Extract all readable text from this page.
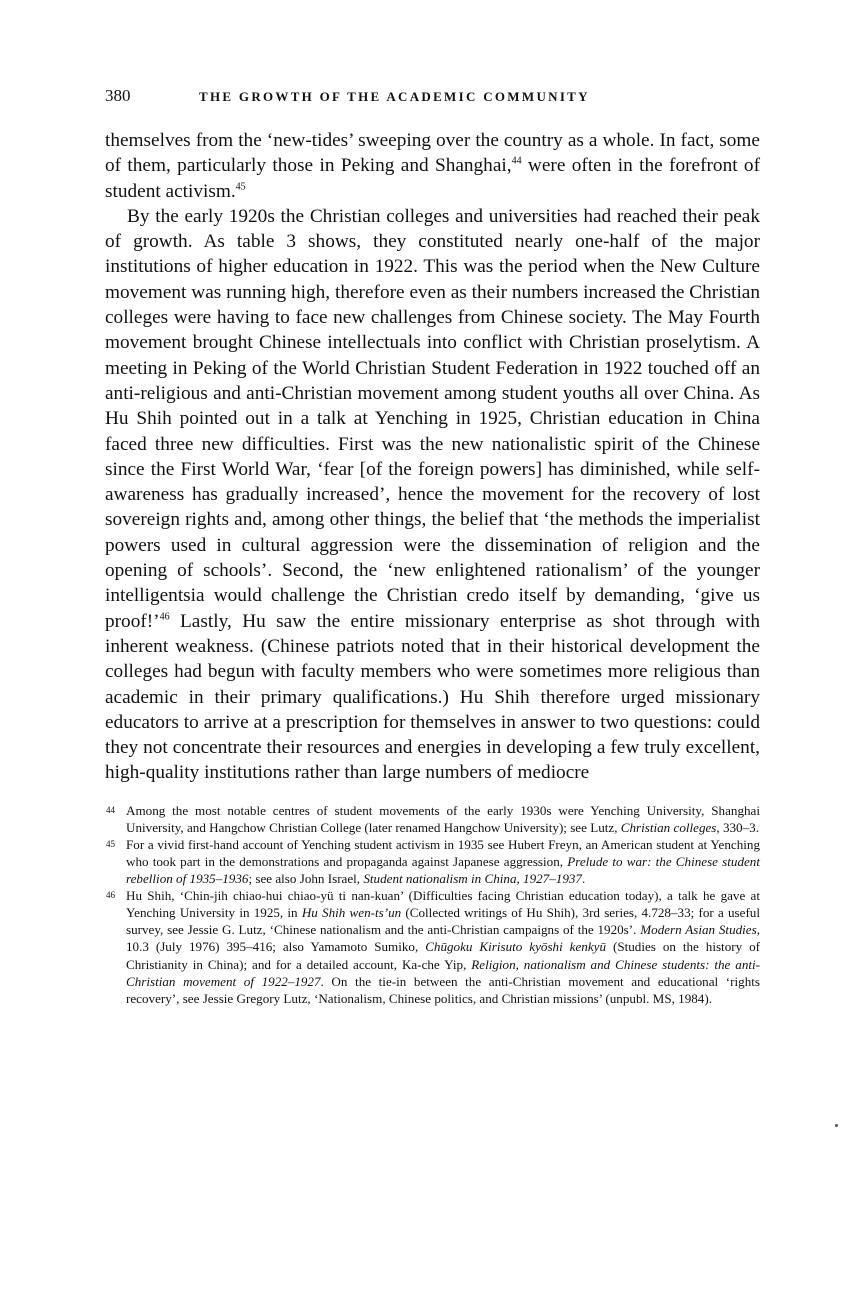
380	THE GROWTH OF THE ACADEMIC COMMUNITY

themselves from the ‘new-tides’ sweeping over the country as a whole. In fact, some of them, particularly those in Peking and Shanghai,$^{44}$ were often in the forefront of student activism.$^{45}$

By the early 1920s the Christian colleges and universities had reached their peak of growth. As table 3 shows, they constituted nearly one-half of the major institutions of higher education in 1922. This was the period when the New Culture movement was running high, therefore even as their numbers increased the Christian colleges were having to face new challenges from Chinese society. The May Fourth movement brought Chinese intellectuals into conflict with Christian proselytism. A meeting in Peking of the World Christian Student Federation in 1922 touched off an anti-religious and anti-Christian movement among student youths all over China. As Hu Shih pointed out in a talk at Yenching in 1925, Christian education in China faced three new difficulties. First was the new nationalistic spirit of the Chinese since the First World War, ‘fear [of the foreign powers] has diminished, while self-awareness has gradually increased’, hence the movement for the recovery of lost sovereign rights and, among other things, the belief that ‘the methods the imperialist powers used in cultural aggression were the dissemination of religion and the opening of schools’. Second, the ‘new enlightened rationalism’ of the younger intelligentsia would challenge the Christian credo itself by demanding, ‘give us proof!’$^{46}$ Lastly, Hu saw the entire missionary enterprise as shot through with inherent weakness. (Chinese patriots noted that in their historical development the colleges had begun with faculty members who were sometimes more religious than academic in their primary qualifications.) Hu Shih therefore urged missionary educators to arrive at a prescription for themselves in answer to two questions: could they not concentrate their resources and energies in developing a few truly excellent, high-quality institutions rather than large numbers of mediocre

44 Among the most notable centres of student movements of the early 1930s were Yenching University, Shanghai University, and Hangchow Christian College (later renamed Hangchow University); see Lutz, Christian colleges, 330–3.
45 For a vivid first-hand account of Yenching student activism in 1935 see Hubert Freyn, an American student at Yenching who took part in the demonstrations and propaganda against Japanese aggression, Prelude to war: the Chinese student rebellion of 1935–1936; see also John Israel, Student nationalism in China, 1927–1937.
46 Hu Shih, ‘Chin-jih chiao-hui chiao-yü ti nan-kuan’ (Difficulties facing Christian education today), a talk he gave at Yenching University in 1925, in Hu Shih wen-ts’un (Collected writings of Hu Shih), 3rd series, 4.728–33; for a useful survey, see Jessie G. Lutz, ‘Chinese nationalism and the anti-Christian campaigns of the 1920s’. Modern Asian Studies, 10.3 (July 1976) 395–416; also Yamamoto Sumiko, Chūgoku Kirisuto kyōshi kenkyū (Studies on the history of Christianity in China); and for a detailed account, Ka-che Yip, Religion, nationalism and Chinese students: the anti-Christian movement of 1922–1927. On the tie-in between the anti-Christian movement and educational ‘rights recovery’, see Jessie Gregory Lutz, ‘Nationalism, Chinese politics, and Christian missions’ (unpubl. MS, 1984).
